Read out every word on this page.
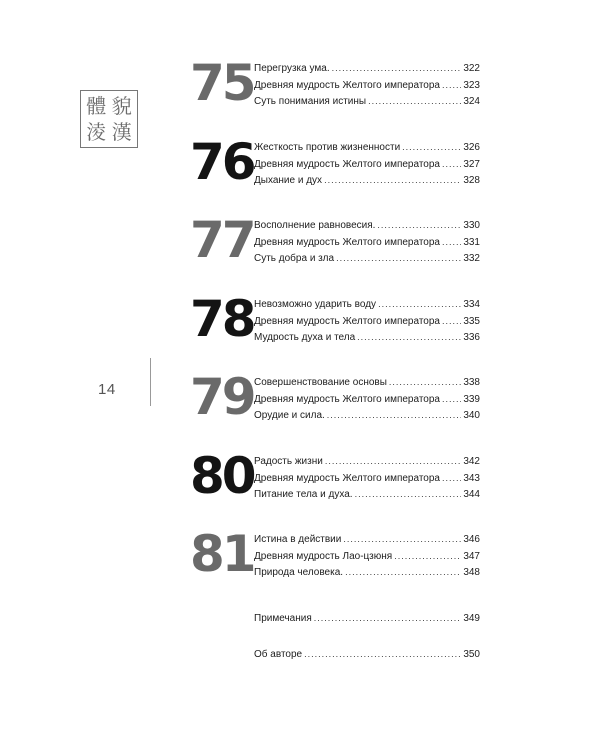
體 貌
淩 漢
14
75 Перегрузка ума. .....	322
Древняя мудрость Желтого императора ..... 323
Суть понимания истины .....	324
76 Жесткость против жизненности .....	326
Древняя мудрость Желтого императора ..... 327
Дыхание и дух .....	328
77 Восполнение равновесия. .....	330
Древняя мудрость Желтого императора ..... 331
Суть добра и зла .....	332
78 Невозможно ударить воду .....	334
Древняя мудрость Желтого императора ..... 335
Мудрость духа и тела .....	336
79 Совершенствование основы .....	338
Древняя мудрость Желтого императора ..... 339
Орудие и сила. .....	340
80 Радость жизни .....	342
Древняя мудрость Желтого императора ..... 343
Питание тела и духа. .....	344
81 Истина в действии .....	346
Древняя мудрость Лао-цзюня .....	347
Природа человека. .....	348
Примечания .....	349
Об авторе .....	350
